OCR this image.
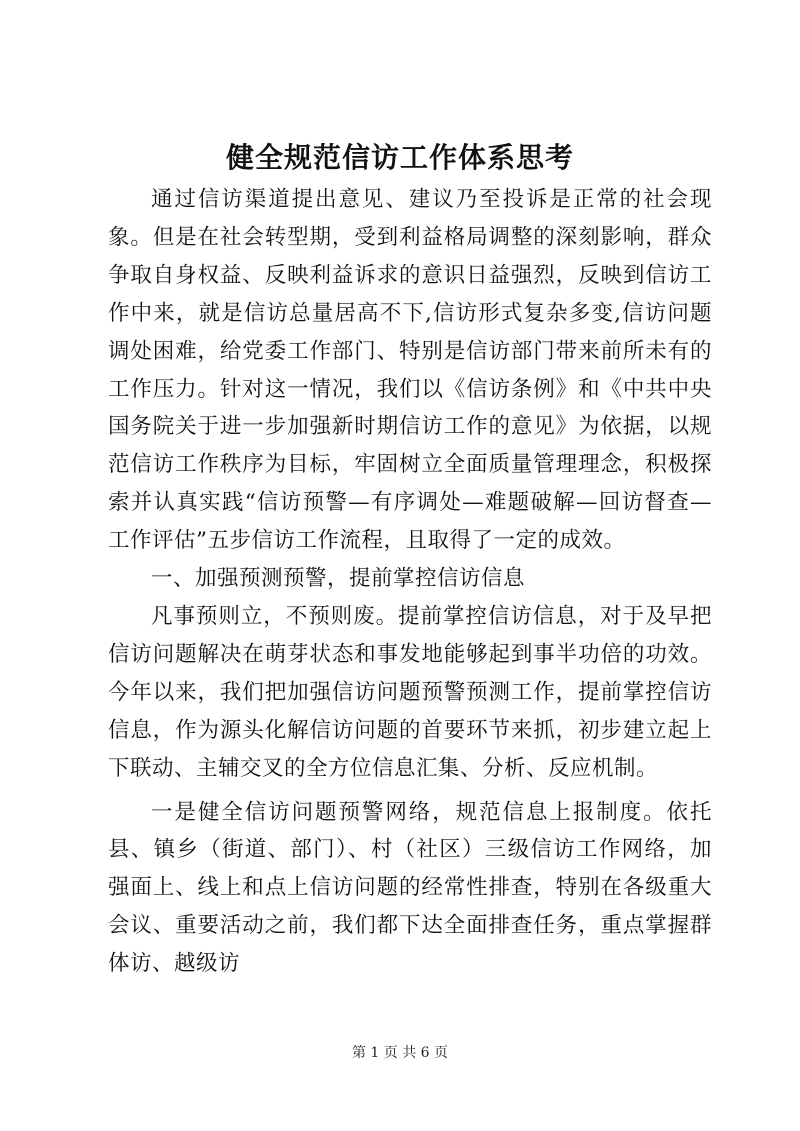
健全规范信访工作体系思考

通过信访渠道提出意见、建议乃至投诉是正常的社会现象。但是在社会转型期，受到利益格局调整的深刻影响，群众争取自身权益、反映利益诉求的意识日益强烈，反映到信访工作中来，就是信访总量居高不下,信访形式复杂多变,信访问题调处困难，给党委工作部门、特别是信访部门带来前所未有的工作压力。针对这一情况，我们以《信访条例》和《中共中央国务院关于进一步加强新时期信访工作的意见》为依据，以规范信访工作秩序为目标，牢固树立全面质量管理理念，积极探索并认真实践“信访预警—有序调处—难题破解—回访督查—工作评估”五步信访工作流程，且取得了一定的成效。

一、加强预测预警，提前掌控信访信息

凡事预则立，不预则废。提前掌控信访信息，对于及早把信访问题解决在萌芽状态和事发地能够起到事半功倍的功效。今年以来，我们把加强信访问题预警预测工作，提前掌控信访信息，作为源头化解信访问题的首要环节来抓，初步建立起上下联动、主辅交叉的全方位信息汇集、分析、反应机制。

一是健全信访问题预警网络，规范信息上报制度。依托县、镇乡（街道、部门）、村（社区）三级信访工作网络，加强面上、线上和点上信访问题的经常性排查，特别在各级重大会议、重要活动之前，我们都下达全面排查任务，重点掌握群体访、越级访

第 1 页 共 6 页
